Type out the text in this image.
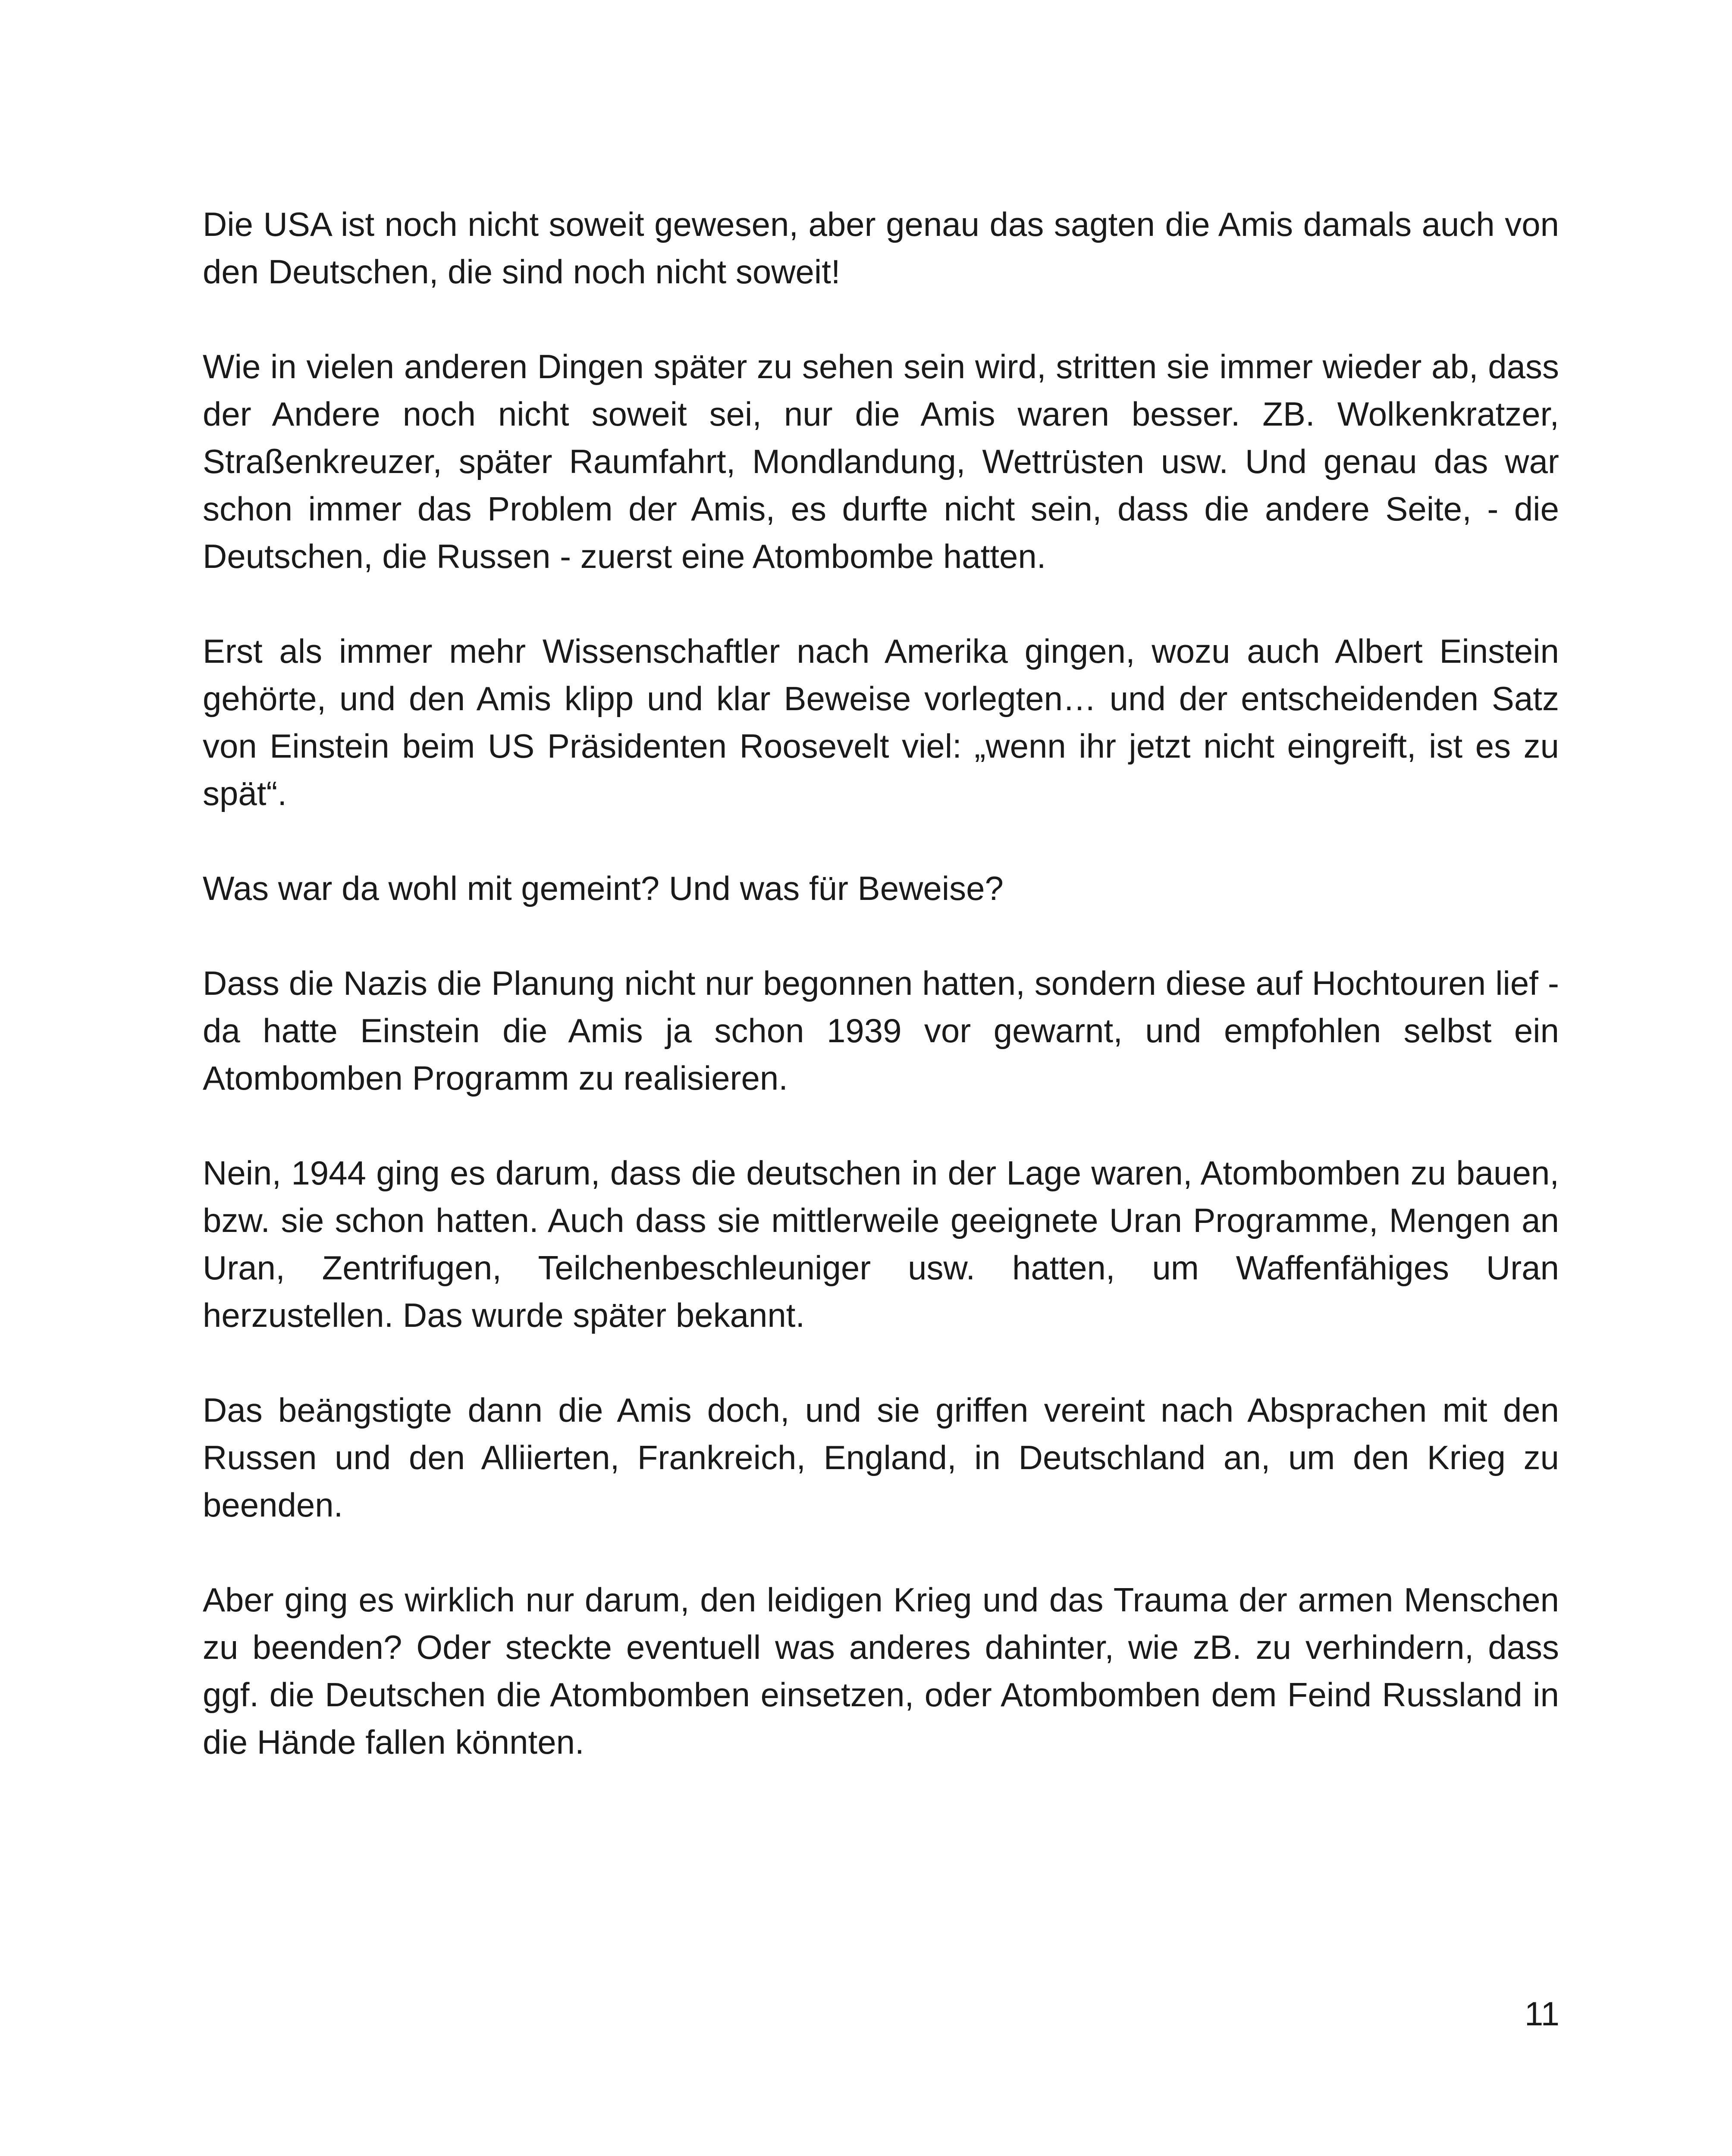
Die USA ist noch nicht soweit gewesen, aber genau das sagten die Amis damals auch von den Deutschen, die sind noch nicht soweit!

Wie in vielen anderen Dingen später zu sehen sein wird, stritten sie immer wieder ab, dass der Andere noch nicht soweit sei, nur die Amis waren besser. ZB. Wolkenkratzer, Straßenkreuzer, später Raumfahrt, Mondlandung, Wettrüsten usw. Und genau das war schon immer das Problem der Amis, es durfte nicht sein, dass die andere Seite, - die Deutschen, die Russen - zuerst eine Atombombe hatten.

Erst als immer mehr Wissenschaftler nach Amerika gingen, wozu auch Albert Einstein gehörte, und den Amis klipp und klar Beweise vorlegten… und der entscheidenden Satz von Einstein beim US Präsidenten Roosevelt viel: „wenn ihr jetzt nicht eingreift, ist es zu spät“.

Was war da wohl mit gemeint? Und was für Beweise?

Dass die Nazis die Planung nicht nur begonnen hatten, sondern diese auf Hochtouren lief - da hatte Einstein die Amis ja schon 1939 vor gewarnt, und empfohlen selbst ein Atombomben Programm zu realisieren.

Nein, 1944 ging es darum, dass die deutschen in der Lage waren, Atombomben zu bauen, bzw. sie schon hatten. Auch dass sie mittlerweile geeignete Uran Programme, Mengen an Uran, Zentrifugen, Teilchenbeschleuniger usw. hatten, um Waffenfähiges Uran herzustellen. Das wurde später bekannt.

Das beängstigte dann die Amis doch, und sie griffen vereint nach Absprachen mit den Russen und den Alliierten, Frankreich, England, in Deutschland an, um den Krieg zu beenden.

Aber ging es wirklich nur darum, den leidigen Krieg und das Trauma der armen Menschen zu beenden? Oder steckte eventuell was anderes dahinter, wie zB. zu verhindern, dass ggf. die Deutschen die Atombomben einsetzen, oder Atombomben dem Feind Russland in die Hände fallen könnten.

11
